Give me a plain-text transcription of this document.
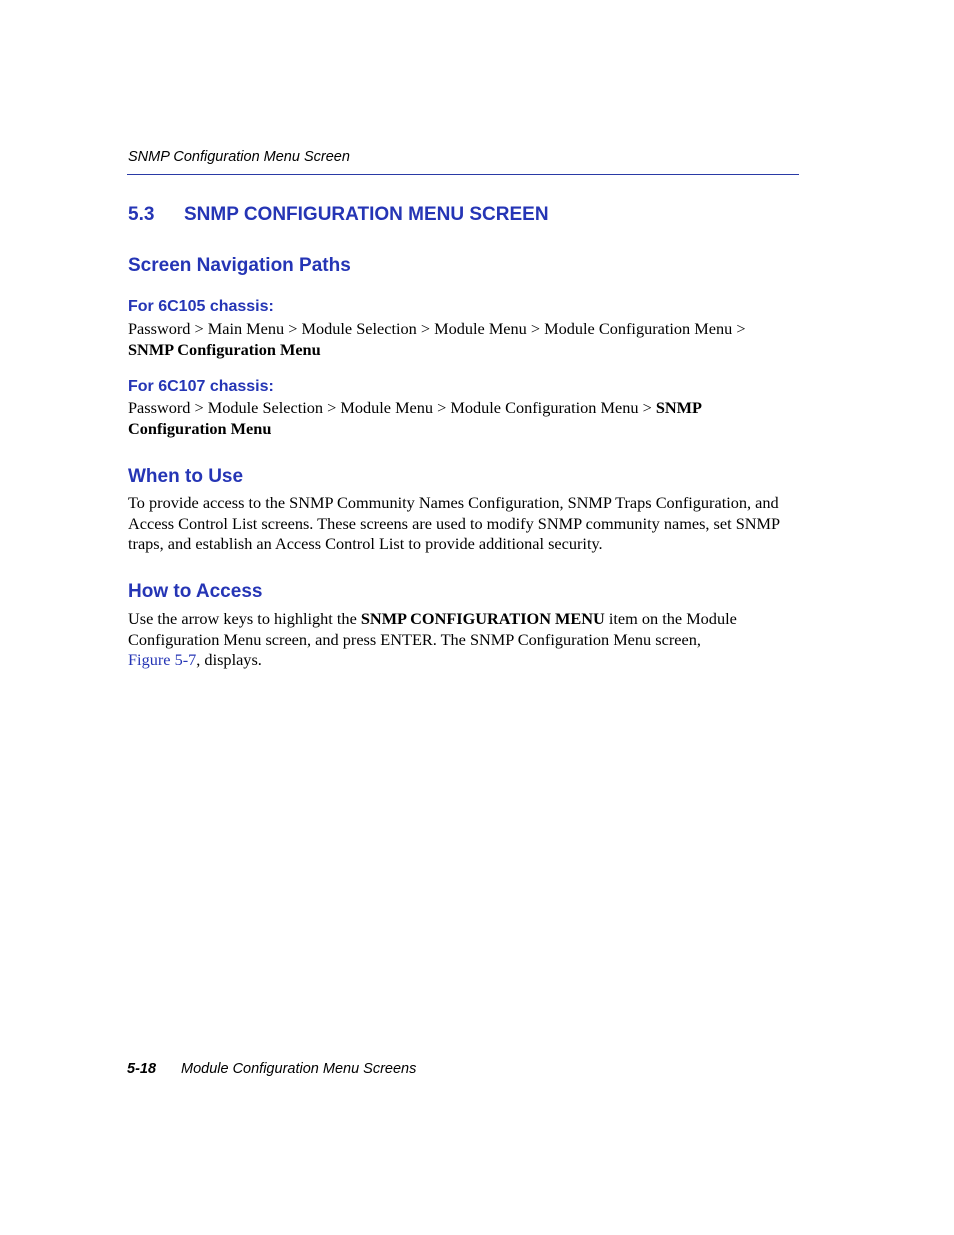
SNMP Configuration Menu Screen
5.3 SNMP CONFIGURATION MENU SCREEN
Screen Navigation Paths
For 6C105 chassis:
Password > Main Menu > Module Selection > Module Menu > Module Configuration Menu >
SNMP Configuration Menu
For 6C107 chassis:
Password > Module Selection > Module Menu > Module Configuration Menu > SNMP Configuration Menu
When to Use
To provide access to the SNMP Community Names Configuration, SNMP Traps Configuration, and Access Control List screens. These screens are used to modify SNMP community names, set SNMP traps, and establish an Access Control List to provide additional security.
How to Access
Use the arrow keys to highlight the SNMP CONFIGURATION MENU item on the Module Configuration Menu screen, and press ENTER. The SNMP Configuration Menu screen,
Figure 5-7, displays.
5-18 Module Configuration Menu Screens
